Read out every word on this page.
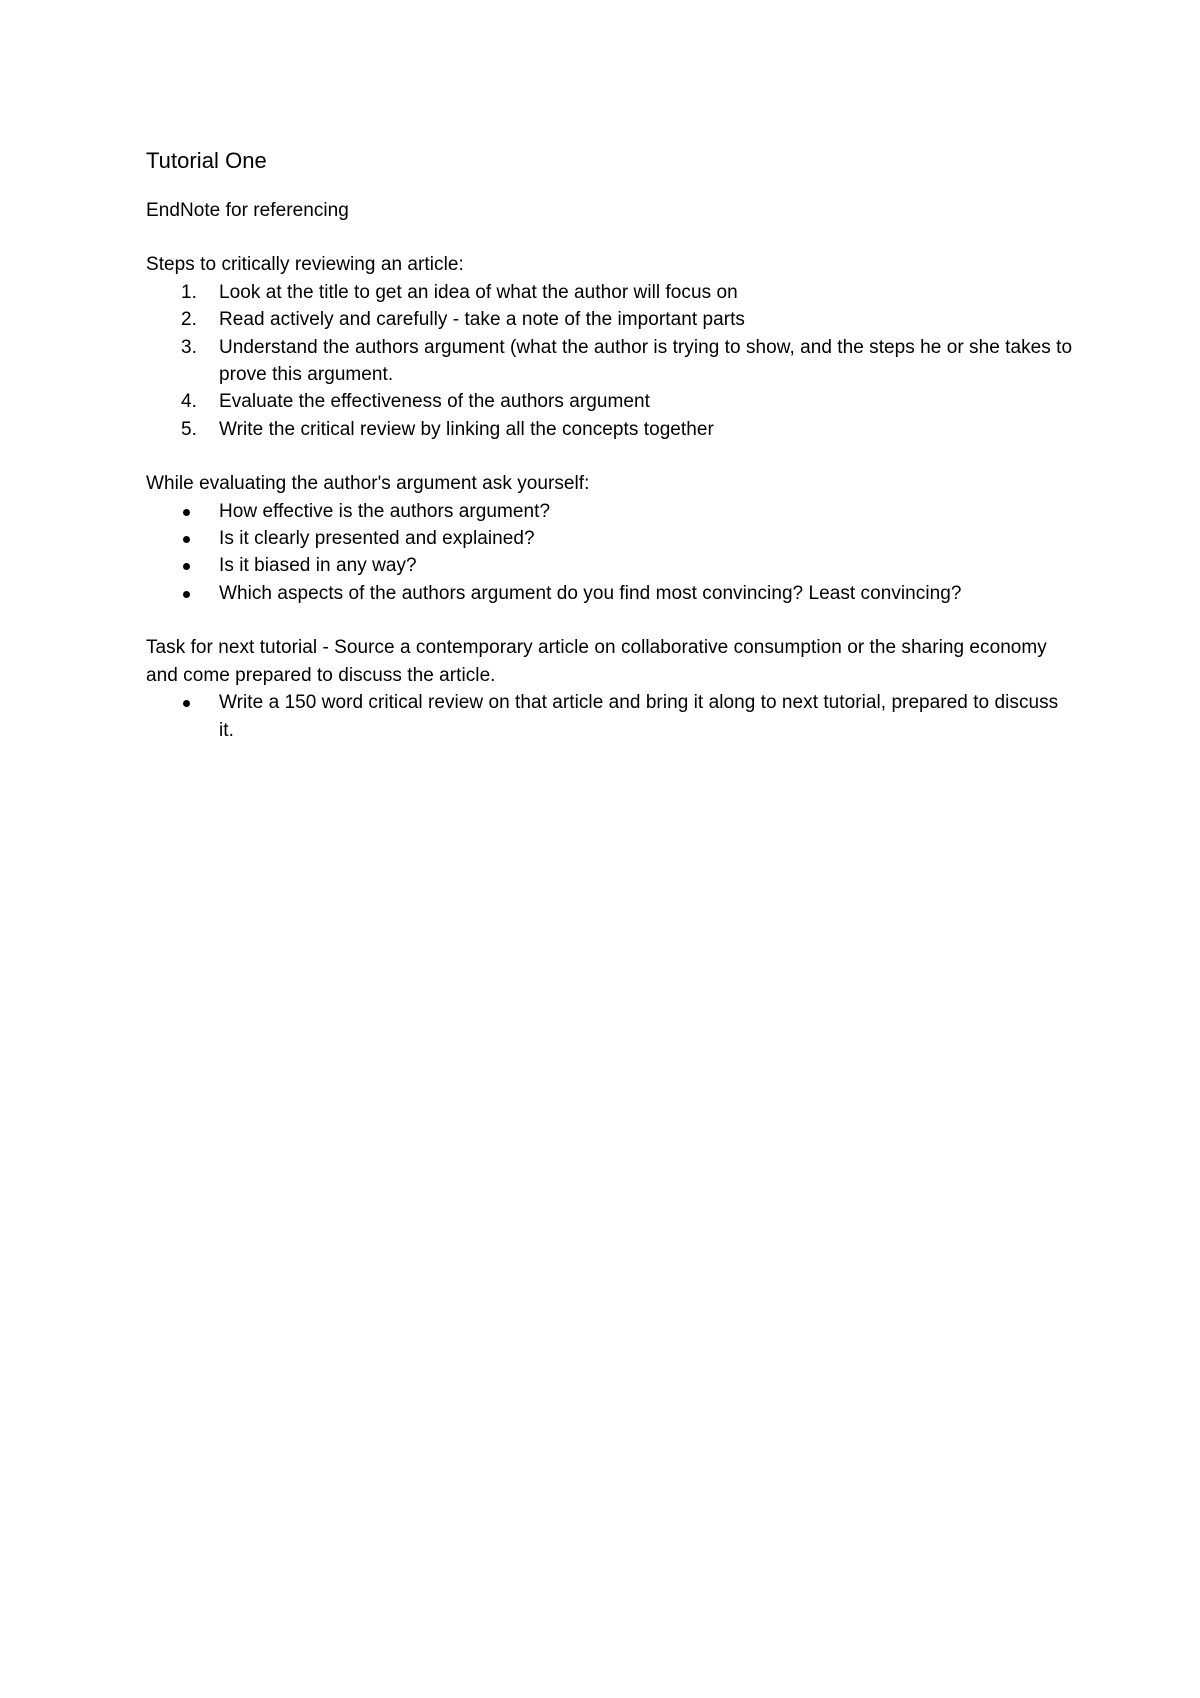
Tutorial One

EndNote for referencing

Steps to critically reviewing an article:

1. Look at the title to get an idea of what the author will focus on
2. Read actively and carefully - take a note of the important parts
3. Understand the authors argument (what the author is trying to show, and the steps he or she takes to prove this argument.
4. Evaluate the effectiveness of the authors argument
5. Write the critical review by linking all the concepts together

While evaluating the author's argument ask yourself:

How effective is the authors argument?
Is it clearly presented and explained?
Is it biased in any way?
Which aspects of the authors argument do you find most convincing? Least convincing?

Task for next tutorial - Source a contemporary article on collaborative consumption or the sharing economy and come prepared to discuss the article.

Write a 150 word critical review on that article and bring it along to next tutorial, prepared to discuss it.
